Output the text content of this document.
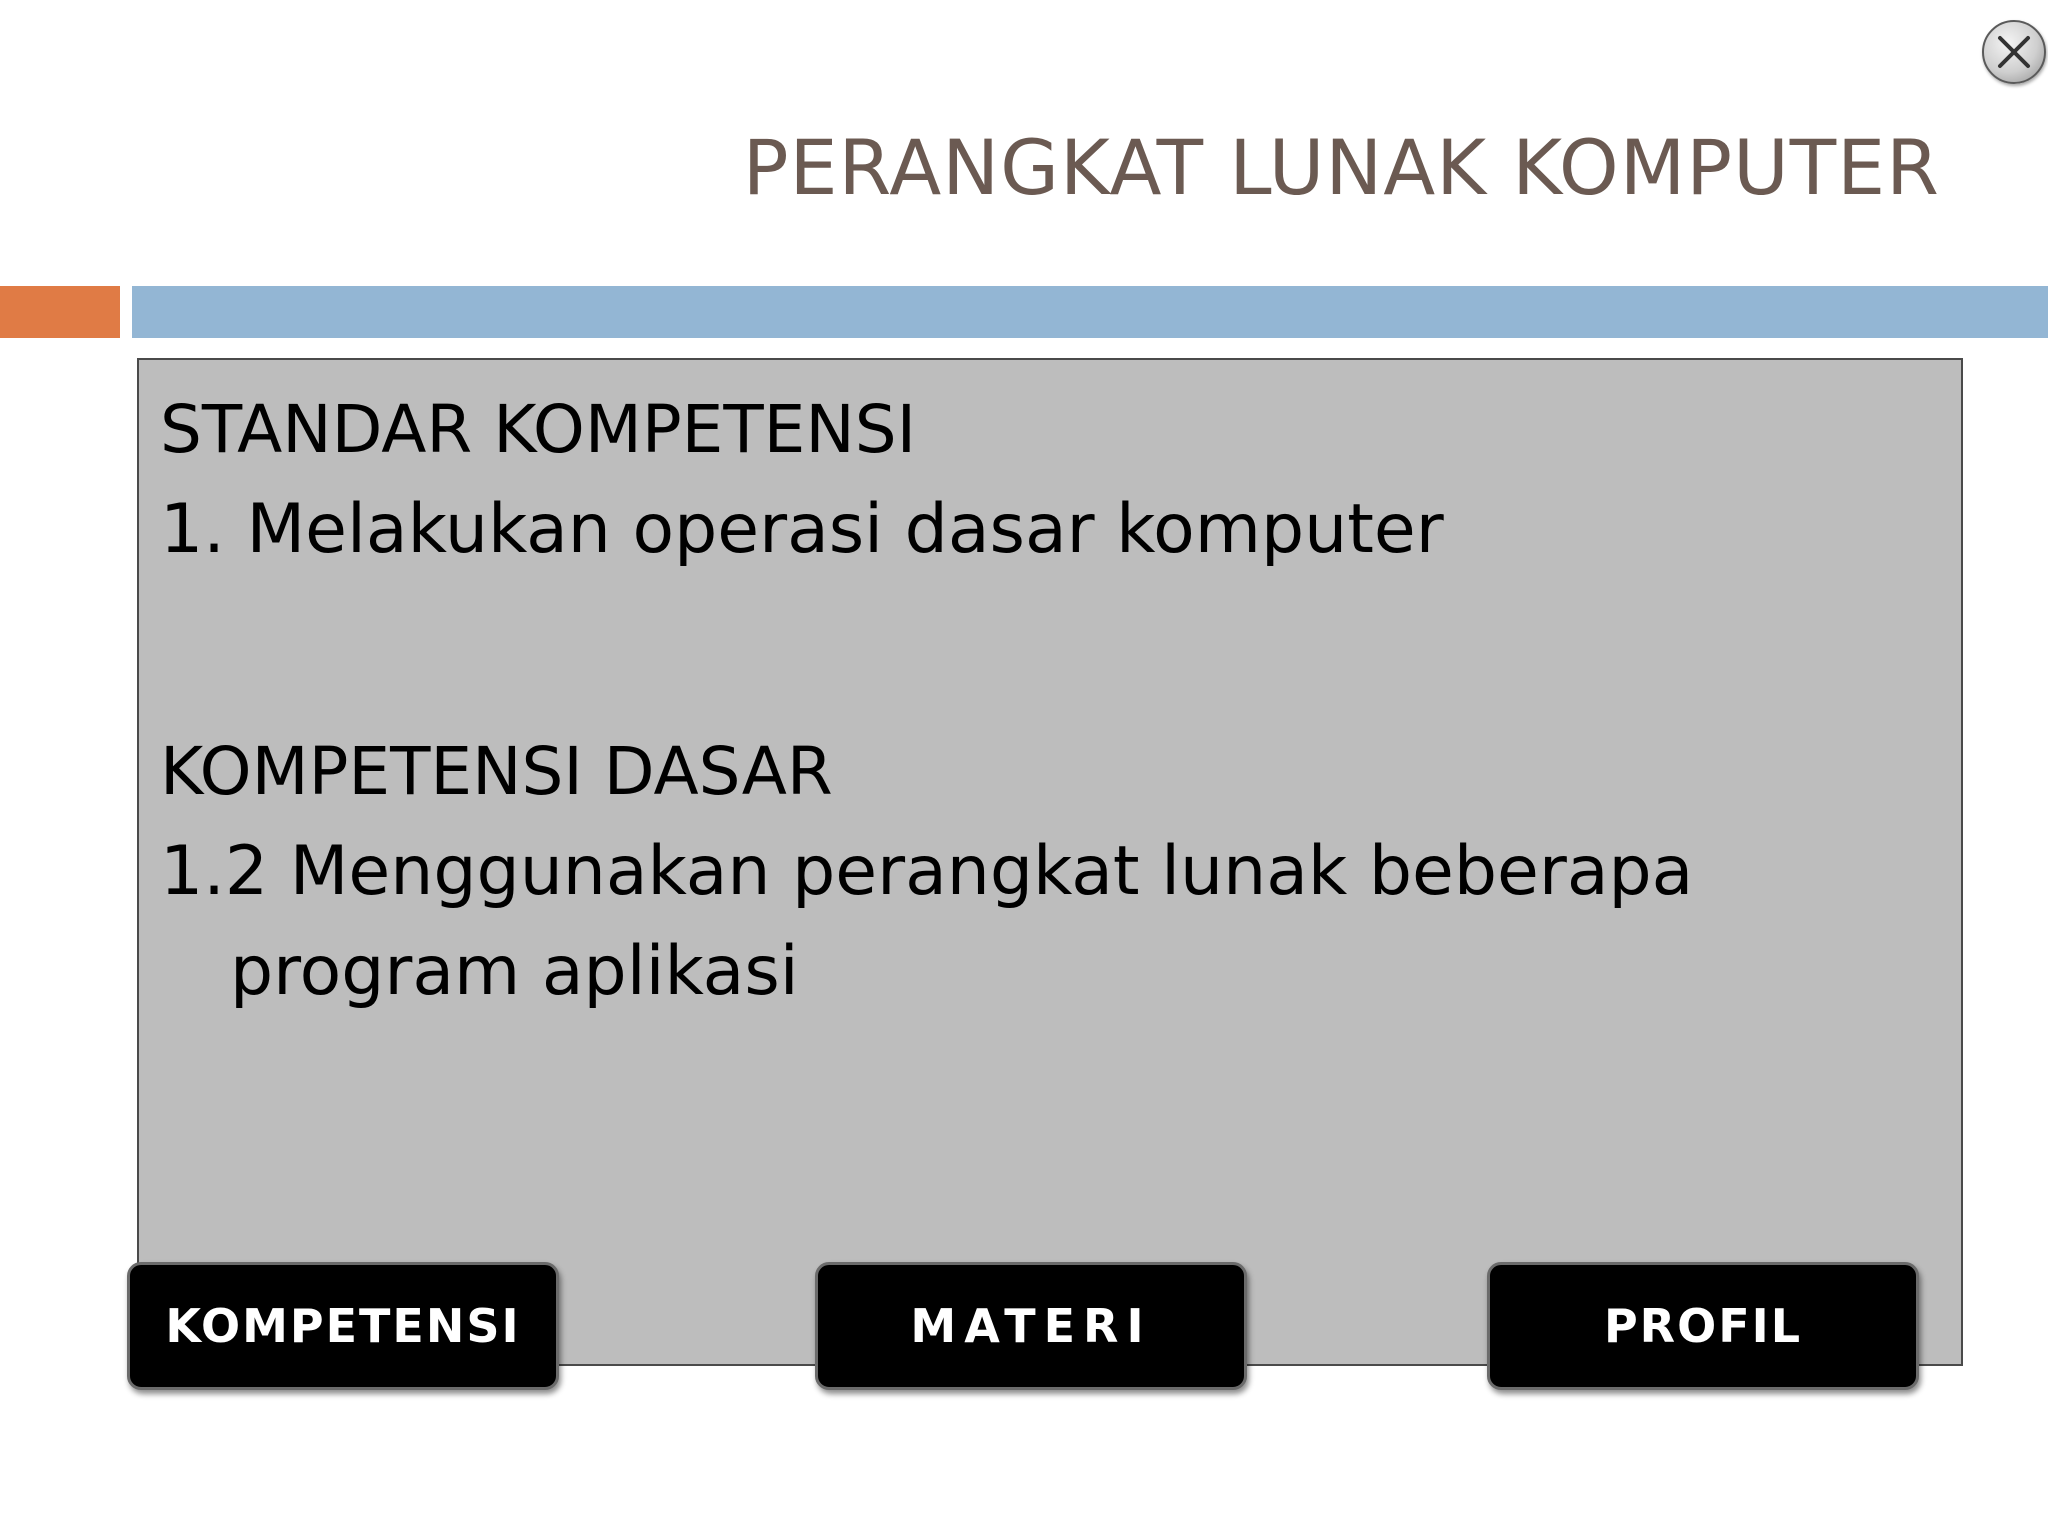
PERANGKAT LUNAK KOMPUTER

STANDAR KOMPETENSI

1. Melakukan operasi dasar komputer

KOMPETENSI DASAR

1.2 Menggunakan perangkat lunak beberapa

program aplikasi

KOMPETENSI	MATERI	PROFIL
